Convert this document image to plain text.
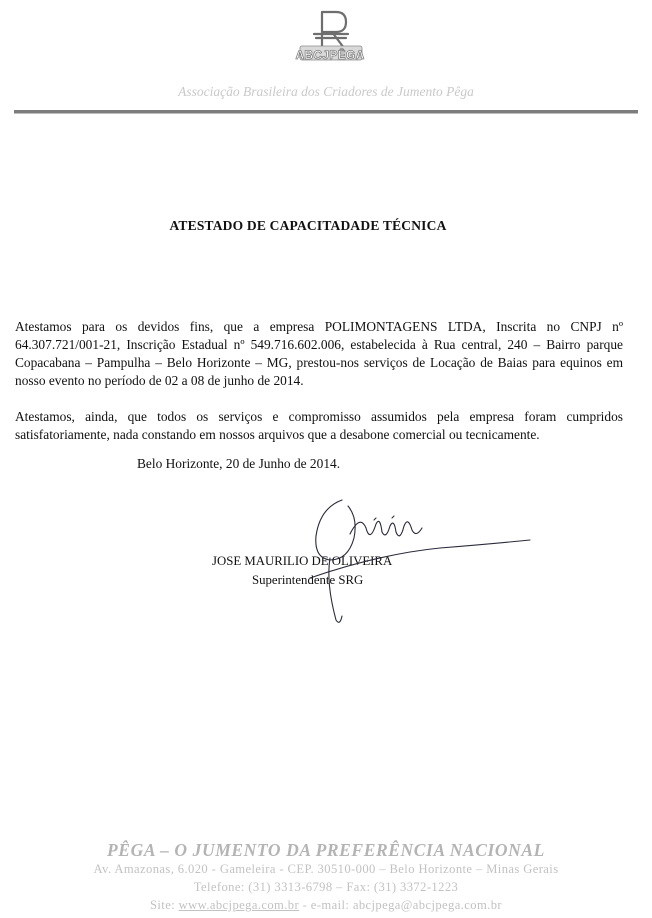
ABCJPÊGA
Associação Brasileira dos Criadores de Jumento Pêga
ATESTADO DE CAPACITADADE TÉCNICA
Atestamos para os devidos fins, que a empresa POLIMONTAGENS LTDA, Inscrita no CNPJ nº 64.307.721/001-21, Inscrição Estadual nº 549.716.602.006, estabelecida à Rua central, 240 – Bairro parque Copacabana – Pampulha – Belo Horizonte – MG, prestou-nos serviços de Locação de Baias para equinos em nosso evento no período de 02 a 08 de junho de 2014.
Atestamos, ainda, que todos os serviços e compromisso assumidos pela empresa foram cumpridos satisfatoriamente, nada constando em nossos arquivos que a desabone comercial ou tecnicamente.
Belo Horizonte, 20 de Junho de 2014.
JOSE MAURILIO DE OLIVEIRA
Superintendente SRG
PÊGA – O JUMENTO DA PREFERÊNCIA NACIONAL
Av. Amazonas, 6.020 - Gameleira - CEP. 30510-000 – Belo Horizonte – Minas Gerais
Telefone: (31) 3313-6798 – Fax: (31) 3372-1223
Site: www.abcjpega.com.br - e-mail: abcjpega@abcjpega.com.br
